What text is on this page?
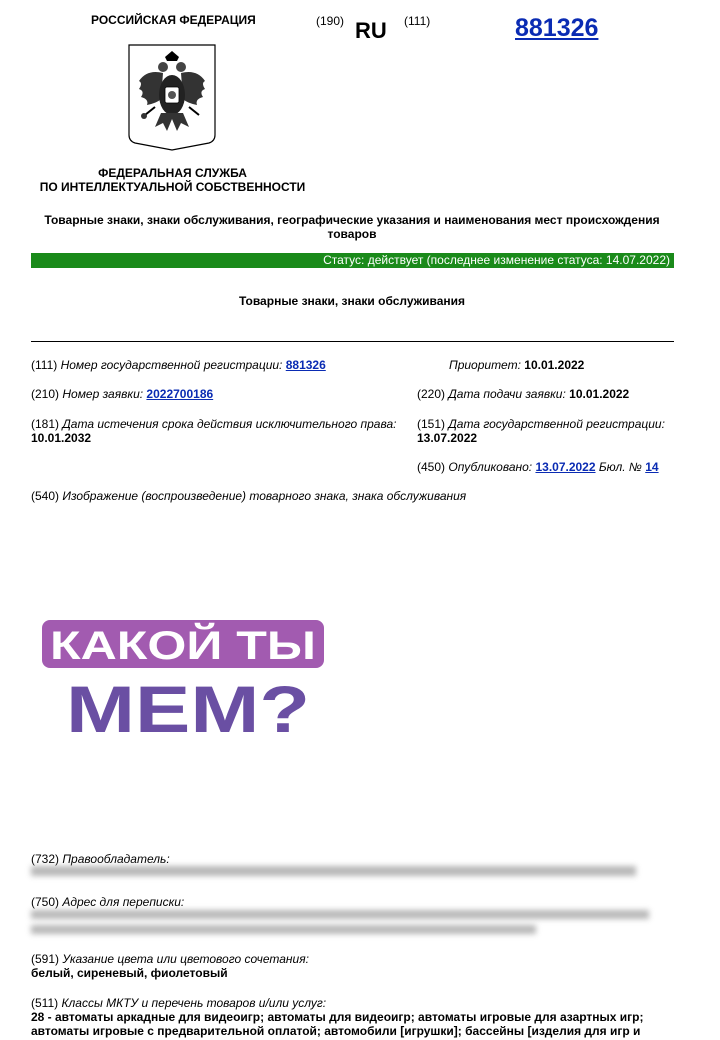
РОССИЙСКАЯ ФЕДЕРАЦИЯ	(190) RU (111)	881326
ФЕДЕРАЛЬНАЯ СЛУЖБА
ПО ИНТЕЛЛЕКТУАЛЬНОЙ СОБСТВЕННОСТИ
Товарные знаки, знаки обслуживания, географические указания и наименования мест происхождения
товаров
Статус: действует (последнее изменение статуса: 14.07.2022)
Товарные знаки, знаки обслуживания
(111) Номер государственной регистрации: 881326	Приоритет: 10.01.2022
(210) Номер заявки: 2022700186	(220) Дата подачи заявки: 10.01.2022
(181) Дата истечения срока действия исключительного права:
10.01.2032
(151) Дата государственной регистрации:
13.07.2022
(450) Опубликовано: 13.07.2022 Бюл. № 14
(540) Изображение (воспроизведение) товарного знака, знака обслуживания
КАКОЙ ТЫ
МЕМ?
(732) Правообладатель:
(750) Адрес для переписки:
(591) Указание цвета или цветового сочетания:
белый, сиреневый, фиолетовый
(511) Классы МКТУ и перечень товаров и/или услуг:
28 - автоматы аркадные для видеоигр; автоматы для видеоигр; автоматы игровые для азартных игр;
автоматы игровые с предварительной оплатой; автомобили [игрушки]; бассейны [изделия для игр и
